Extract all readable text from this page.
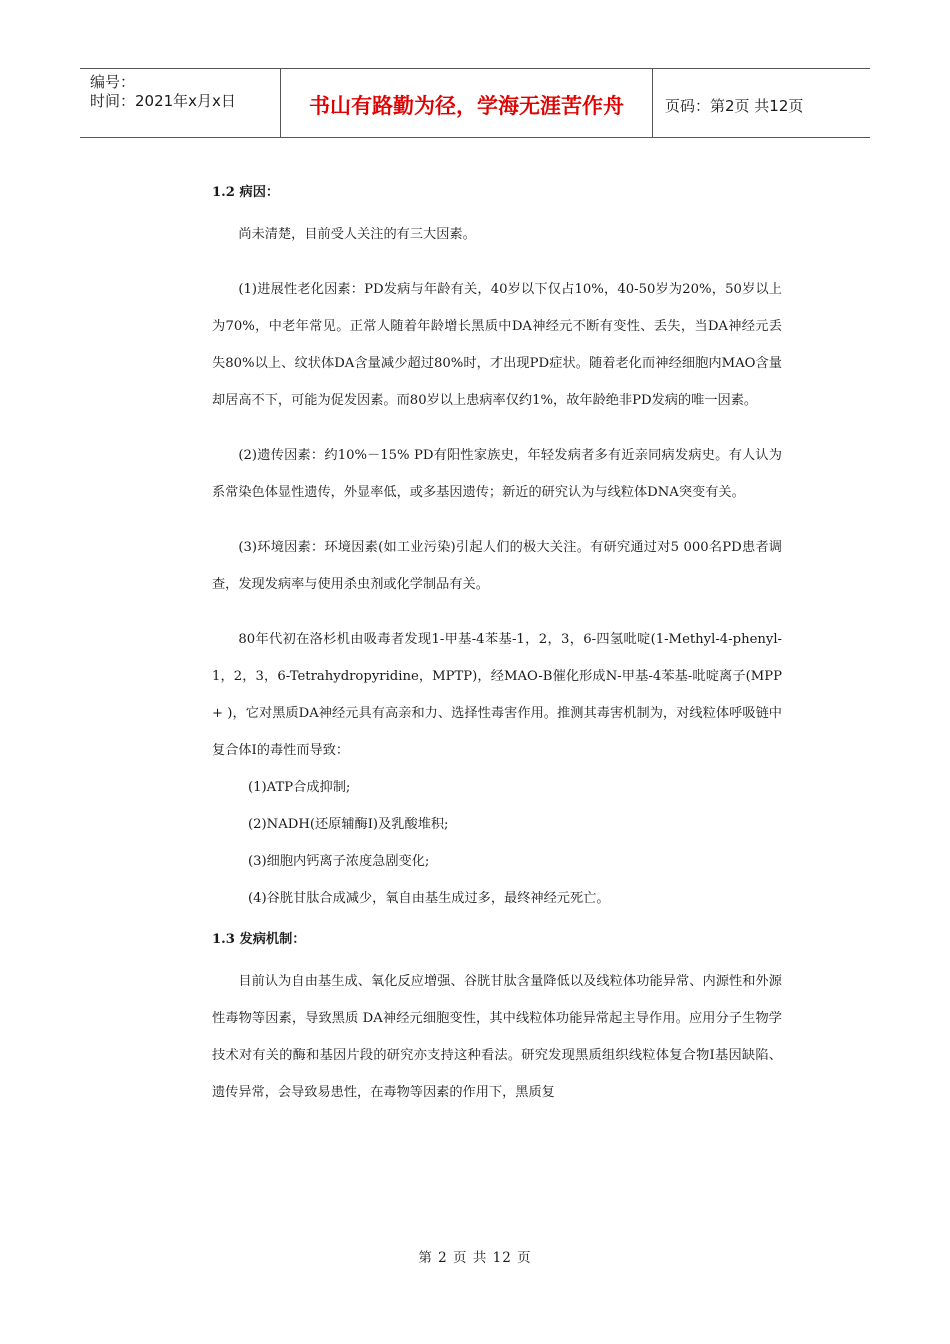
编号：
时间：2021年x月x日	书山有路勤为径，学海无涯苦作舟	页码：第2页 共12页

1.2 病因：

尚未清楚，目前受人关注的有三大因素。

(1)进展性老化因素：PD发病与年龄有关，40岁以下仅占10%，40-50岁为20%，50岁以上为70%，中老年常见。正常人随着年龄增长黑质中DA神经元不断有变性、丢失，当DA神经元丢失80%以上、纹状体DA含量减少超过80%时，才出现PD症状。随着老化而神经细胞内MAO含量却居高不下，可能为促发因素。而80岁以上患病率仅约1%，故年龄绝非PD发病的唯一因素。

(2)遗传因素：约10%－15% PD有阳性家族史，年轻发病者多有近亲同病发病史。有人认为系常染色体显性遗传，外显率低，或多基因遗传；新近的研究认为与线粒体DNA突变有关。

(3)环境因素：环境因素(如工业污染)引起人们的极大关注。有研究通过对5 000名PD患者调查，发现发病率与使用杀虫剂或化学制品有关。

80年代初在洛杉机由吸毒者发现1-甲基-4苯基-1，2，3，6-四氢吡啶(1-Methyl-4-phenyl-1，2，3，6-Tetrahydropyridine，MPTP)，经MAO-B催化形成N-甲基-4苯基-吡啶离子(MPP + )，它对黑质DA神经元具有高亲和力、选择性毒害作用。推测其毒害机制为，对线粒体呼吸链中复合体Ⅰ的毒性而导致：

(1)ATP合成抑制;

(2)NADH(还原辅酶Ⅰ)及乳酸堆积;

(3)细胞内钙离子浓度急剧变化;

(4)谷胱甘肽合成减少，氧自由基生成过多，最终神经元死亡。

1.3 发病机制：

目前认为自由基生成、氧化反应增强、谷胱甘肽含量降低以及线粒体功能异常、内源性和外源性毒物等因素，导致黑质 DA神经元细胞变性，其中线粒体功能异常起主导作用。应用分子生物学技术对有关的酶和基因片段的研究亦支持这种看法。研究发现黑质组织线粒体复合物Ⅰ基因缺陷、遗传异常，会导致易患性，在毒物等因素的作用下，黑质复

第 2 页 共 12 页
